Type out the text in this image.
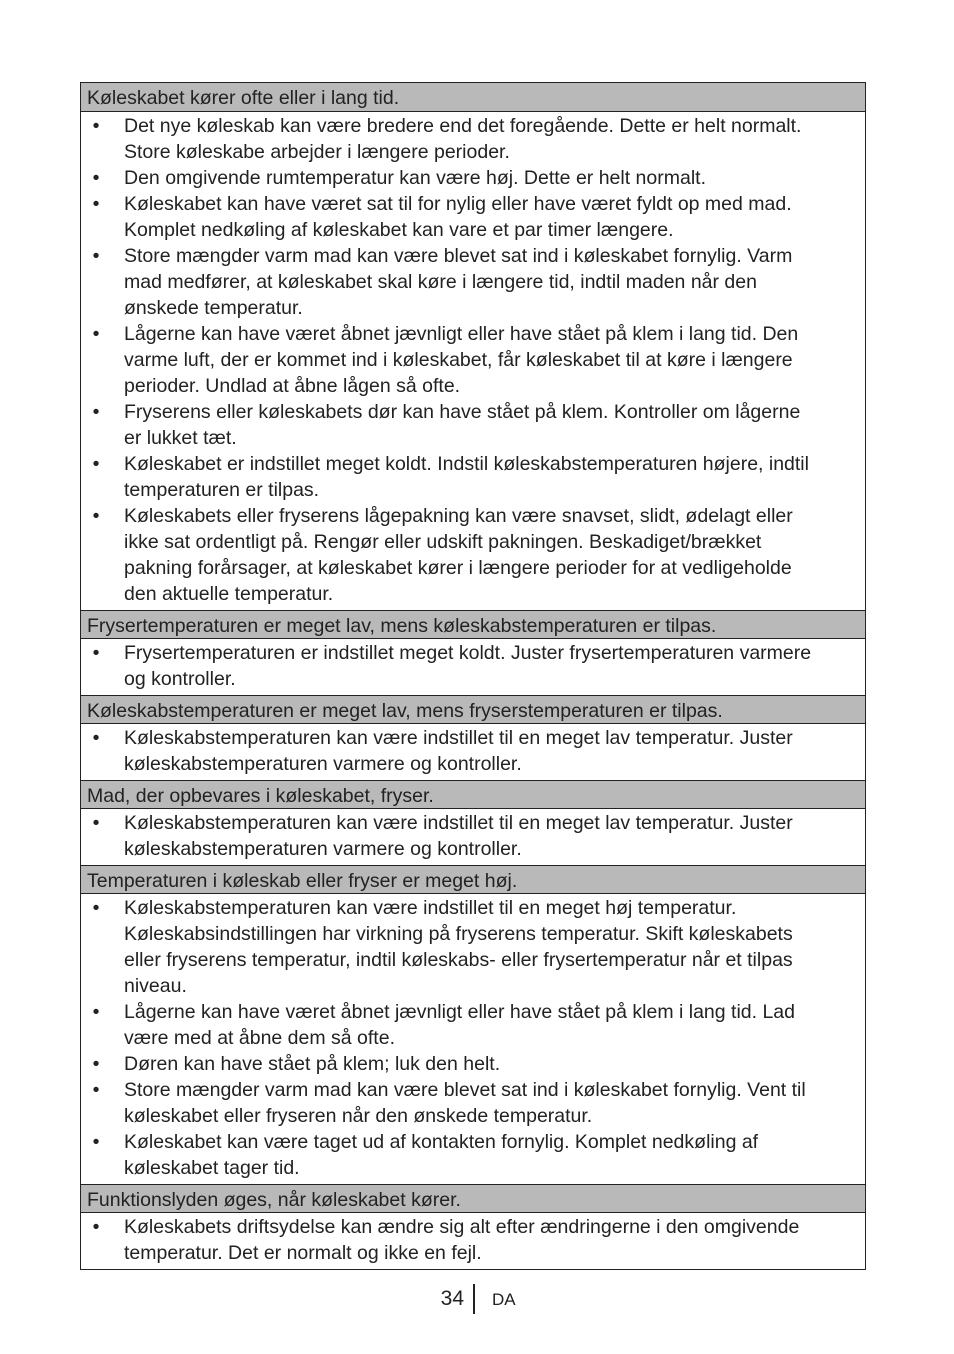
Køleskabet kører ofte eller i lang tid.
• Det nye køleskab kan være bredere end det foregående. Dette er helt normalt.
Store køleskabe arbejder i længere perioder.
• Den omgivende rumtemperatur kan være høj. Dette er helt normalt.
• Køleskabet kan have været sat til for nylig eller have været fyldt op med mad.
Komplet nedkøling af køleskabet kan vare et par timer længere.
• Store mængder varm mad kan være blevet sat ind i køleskabet fornylig. Varm
mad medfører, at køleskabet skal køre i længere tid, indtil maden når den
ønskede temperatur.
• Lågerne kan have været åbnet jævnligt eller have stået på klem i lang tid. Den
varme luft, der er kommet ind i køleskabet, får køleskabet til at køre i længere
perioder. Undlad at åbne lågen så ofte.
• Fryserens eller køleskabets dør kan have stået på klem. Kontroller om lågerne
er lukket tæt.
• Køleskabet er indstillet meget koldt. Indstil køleskabstemperaturen højere, indtil
temperaturen er tilpas.
• Køleskabets eller fryserens lågepakning kan være snavset, slidt, ødelagt eller
ikke sat ordentligt på. Rengør eller udskift pakningen. Beskadiget/brækket
pakning forårsager, at køleskabet kører i længere perioder for at vedligeholde
den aktuelle temperatur.
Frysertemperaturen er meget lav, mens køleskabstemperaturen er tilpas.
• Frysertemperaturen er indstillet meget koldt. Juster frysertemperaturen varmere
og kontroller.
Køleskabstemperaturen er meget lav, mens fryserstemperaturen er tilpas.
• Køleskabstemperaturen kan være indstillet til en meget lav temperatur. Juster
køleskabstemperaturen varmere og kontroller.
Mad, der opbevares i køleskabet, fryser.
• Køleskabstemperaturen kan være indstillet til en meget lav temperatur. Juster
køleskabstemperaturen varmere og kontroller.
Temperaturen i køleskab eller fryser er meget høj.
• Køleskabstemperaturen kan være indstillet til en meget høj temperatur.
Køleskabsindstillingen har virkning på fryserens temperatur. Skift køleskabets
eller fryserens temperatur, indtil køleskabs- eller frysertemperatur når et tilpas
niveau.
• Lågerne kan have været åbnet jævnligt eller have stået på klem i lang tid. Lad
være med at åbne dem så ofte.
• Døren kan have stået på klem; luk den helt.
• Store mængder varm mad kan være blevet sat ind i køleskabet fornylig. Vent til
køleskabet eller fryseren når den ønskede temperatur.
• Køleskabet kan være taget ud af kontakten fornylig. Komplet nedkøling af
køleskabet tager tid.
Funktionslyden øges, når køleskabet kører.
• Køleskabets driftsydelse kan ændre sig alt efter ændringerne i den omgivende
temperatur. Det er normalt og ikke en fejl.
34 DA
